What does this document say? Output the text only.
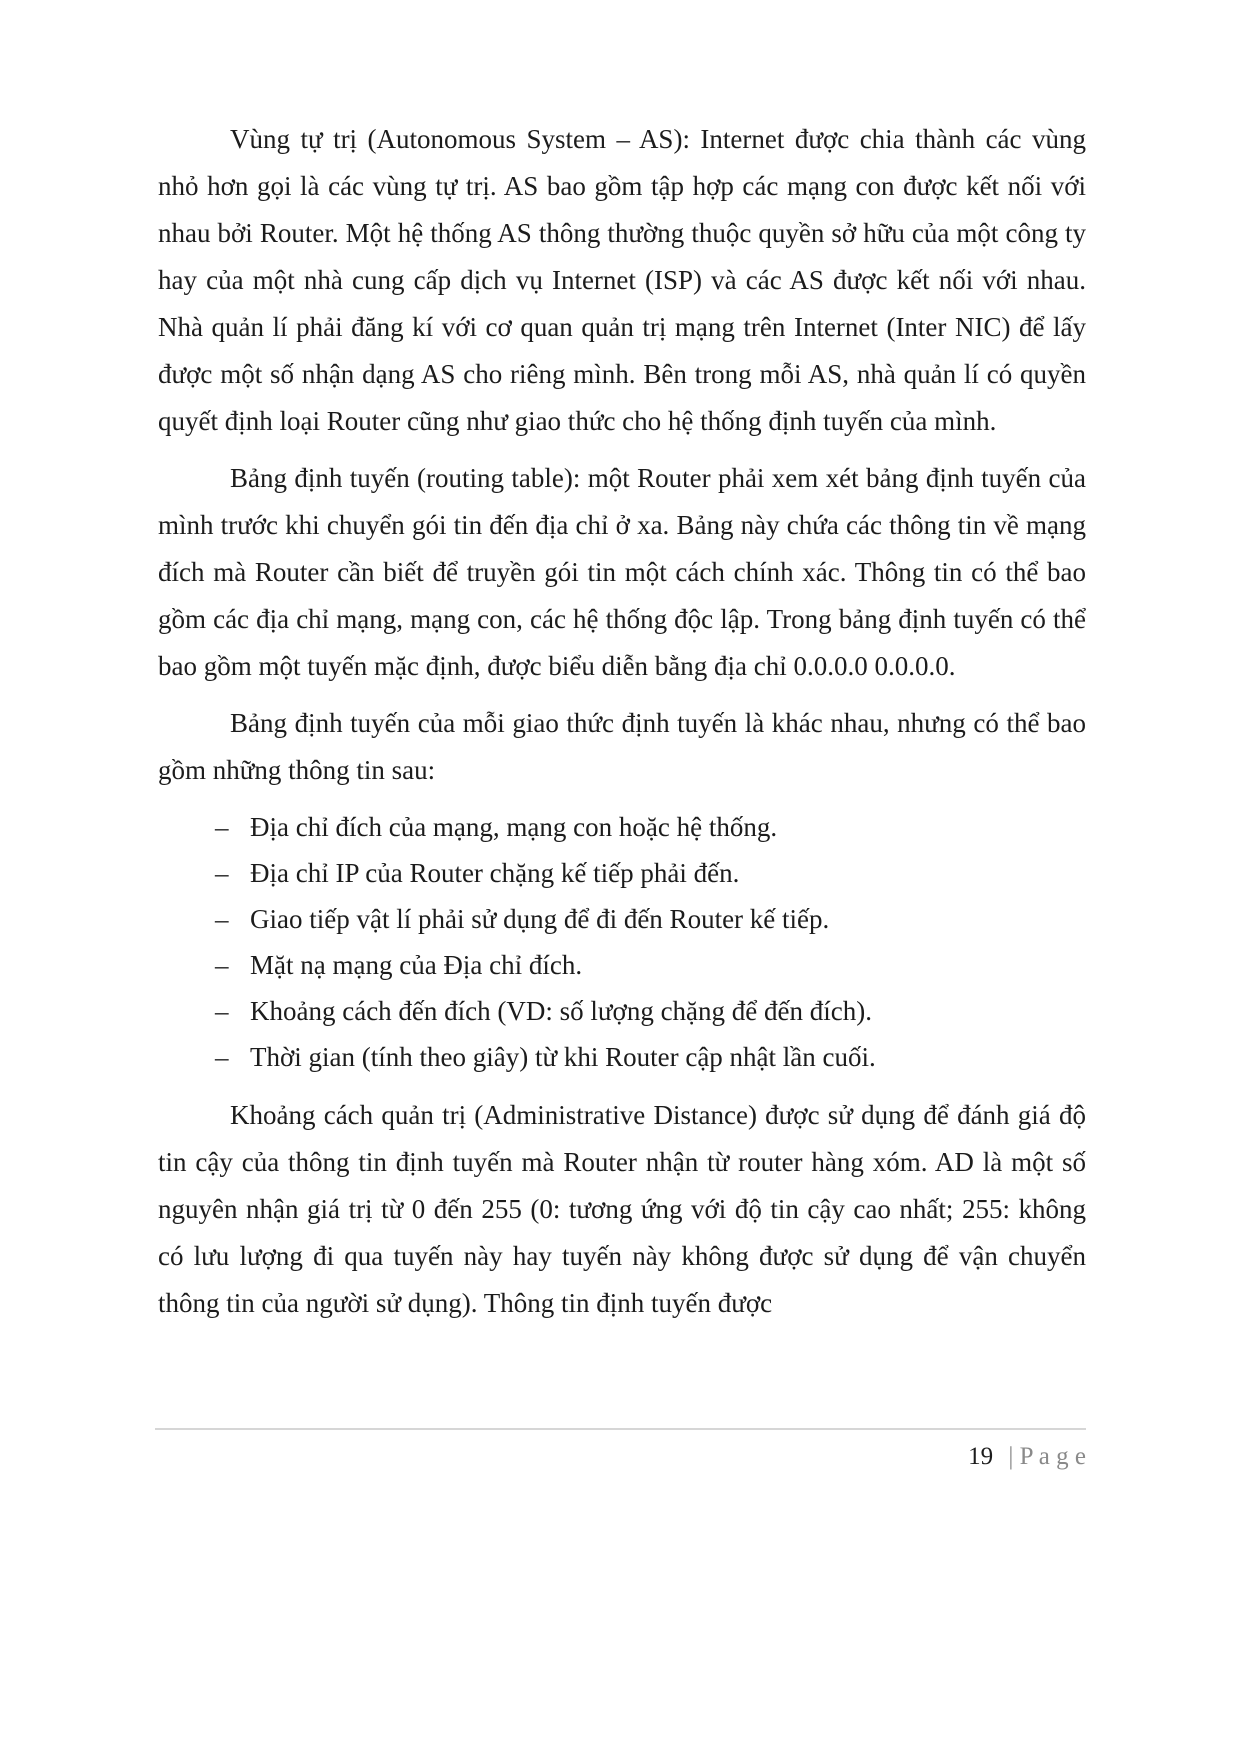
Vùng tự trị (Autonomous System – AS): Internet được chia thành các vùng nhỏ hơn gọi là các vùng tự trị. AS bao gồm tập hợp các mạng con được kết nối với nhau bởi Router. Một hệ thống AS thông thường thuộc quyền sở hữu của một công ty hay của một nhà cung cấp dịch vụ Internet (ISP) và các AS được kết nối với nhau. Nhà quản lí phải đăng kí với cơ quan quản trị mạng trên Internet (Inter NIC) để lấy được một số nhận dạng AS cho riêng mình. Bên trong mỗi AS, nhà quản lí có quyền quyết định loại Router cũng như giao thức cho hệ thống định tuyến của mình.

Bảng định tuyến (routing table): một Router phải xem xét bảng định tuyến của mình trước khi chuyển gói tin đến địa chỉ ở xa. Bảng này chứa các thông tin về mạng đích mà Router cần biết để truyền gói tin một cách chính xác. Thông tin có thể bao gồm các địa chỉ mạng, mạng con, các hệ thống độc lập. Trong bảng định tuyến có thể bao gồm một tuyến mặc định, được biểu diễn bằng địa chỉ 0.0.0.0 0.0.0.0.

Bảng định tuyến của mỗi giao thức định tuyến là khác nhau, nhưng có thể bao gồm những thông tin sau:

– Địa chỉ đích của mạng, mạng con hoặc hệ thống.
– Địa chỉ IP của Router chặng kế tiếp phải đến.
– Giao tiếp vật lí phải sử dụng để đi đến Router kế tiếp.
– Mặt nạ mạng của Địa chỉ đích.
– Khoảng cách đến đích (VD: số lượng chặng để đến đích).
– Thời gian (tính theo giây) từ khi Router cập nhật lần cuối.

Khoảng cách quản trị (Administrative Distance) được sử dụng để đánh giá độ tin cậy của thông tin định tuyến mà Router nhận từ router hàng xóm. AD là một số nguyên nhận giá trị từ 0 đến 255 (0: tương ứng với độ tin cậy cao nhất; 255: không có lưu lượng đi qua tuyến này hay tuyến này không được sử dụng để vận chuyển thông tin của người sử dụng). Thông tin định tuyến được

19 | P a g e
